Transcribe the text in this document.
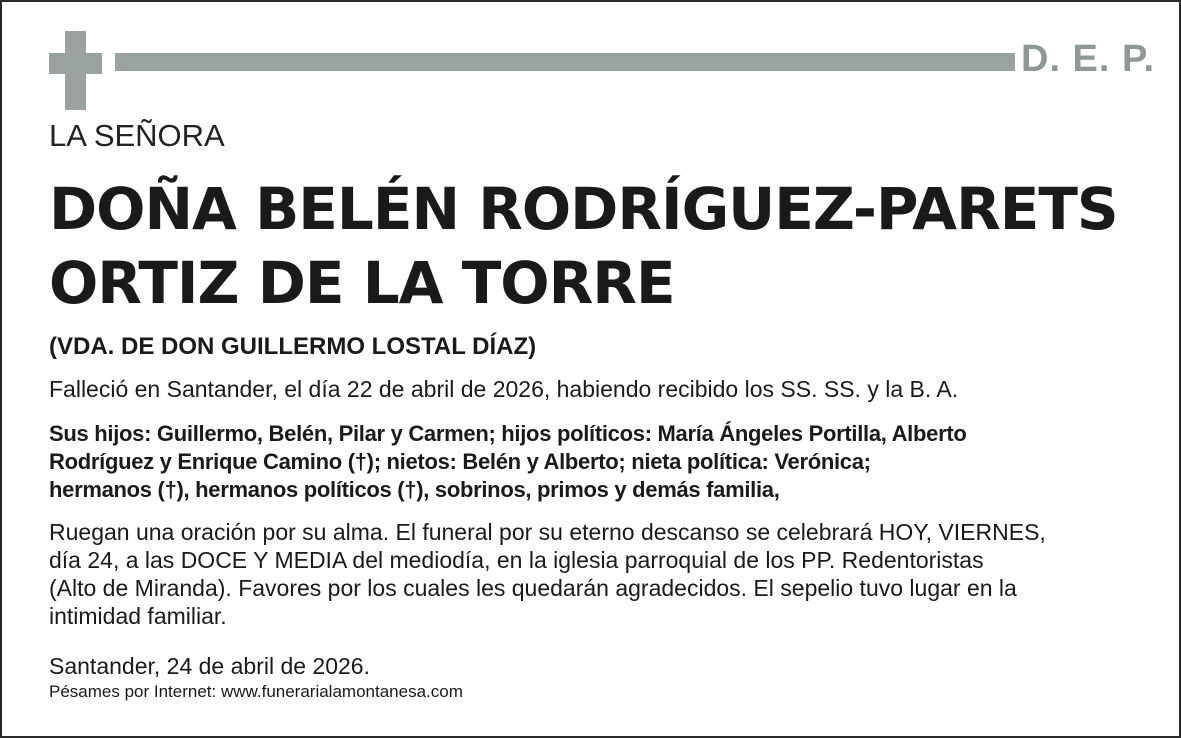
D. E. P.
LA SEÑORA
DOÑA BELÉN RODRÍGUEZ-PARETS
ORTIZ DE LA TORRE
(VDA. DE DON GUILLERMO LOSTAL DÍAZ)
Falleció en Santander, el día 22 de abril de 2026, habiendo recibido los SS. SS. y la B. A.
Sus hijos: Guillermo, Belén, Pilar y Carmen; hijos políticos: María Ángeles Portilla, Alberto
Rodríguez y Enrique Camino (†); nietos: Belén y Alberto; nieta política: Verónica;
hermanos (†), hermanos políticos (†), sobrinos, primos y demás familia,
Ruegan una oración por su alma. El funeral por su eterno descanso se celebrará HOY, VIERNES,
día 24, a las DOCE Y MEDIA del mediodía, en la iglesia parroquial de los PP. Redentoristas
(Alto de Miranda). Favores por los cuales les quedarán agradecidos. El sepelio tuvo lugar en la
intimidad familiar.
Santander, 24 de abril de 2026.
Pésames por Internet: www.funerarialamontanesa.com
